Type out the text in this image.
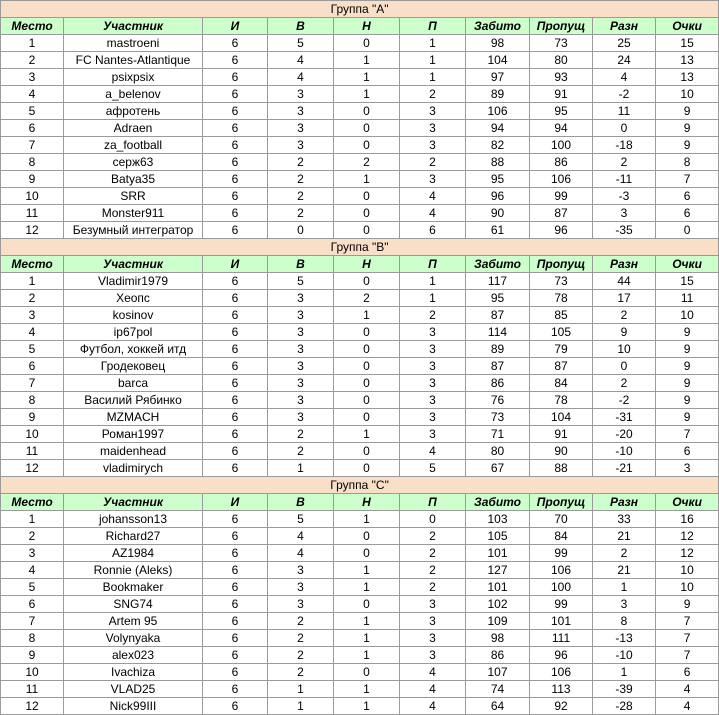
Группа "А"									
Место	Участник	И	В	Н	П	Забито	Пропущ	Разн	Очки
1	mastroeni	6	5	0	1	98	73	25	15
2	FC Nantes-Atlantique	6	4	1	1	104	80	24	13
3	psixpsix	6	4	1	1	97	93	4	13
4	a_belenov	6	3	1	2	89	91	-2	10
5	афротень	6	3	0	3	106	95	11	9
6	Adraen	6	3	0	3	94	94	0	9
7	za_football	6	3	0	3	82	100	-18	9
8	серж63	6	2	2	2	88	86	2	8
9	Batya35	6	2	1	3	95	106	-11	7
10	SRR	6	2	0	4	96	99	-3	6
11	Monster911	6	2	0	4	90	87	3	6
12	Безумный интегратор	6	0	0	6	61	96	-35	0
Группа "В"									
Место	Участник	И	В	Н	П	Забито	Пропущ	Разн	Очки
1	Vladimir1979	6	5	0	1	117	73	44	15
2	Хеопс	6	3	2	1	95	78	17	11
3	kosinov	6	3	1	2	87	85	2	10
4	ip67pol	6	3	0	3	114	105	9	9
5	Футбол, хоккей итд	6	3	0	3	89	79	10	9
6	Гродековец	6	3	0	3	87	87	0	9
7	barca	6	3	0	3	86	84	2	9
8	Василий Рябинко	6	3	0	3	76	78	-2	9
9	MZMACH	6	3	0	3	73	104	-31	9
10	Роман1997	6	2	1	3	71	91	-20	7
11	maidenhead	6	2	0	4	80	90	-10	6
12	vladimirych	6	1	0	5	67	88	-21	3
Группа "С"									
Место	Участник	И	В	Н	П	Забито	Пропущ	Разн	Очки
1	johansson13	6	5	1	0	103	70	33	16
2	Richard27	6	4	0	2	105	84	21	12
3	AZ1984	6	4	0	2	101	99	2	12
4	Ronnie (Aleks)	6	3	1	2	127	106	21	10
5	Bookmaker	6	3	1	2	101	100	1	10
6	SNG74	6	3	0	3	102	99	3	9
7	Artem 95	6	2	1	3	109	101	8	7
8	Volynyaka	6	2	1	3	98	111	-13	7
9	alex023	6	2	1	3	86	96	-10	7
10	Ivachiza	6	2	0	4	107	106	1	6
11	VLAD25	6	1	1	4	74	113	-39	4
12	Nick99III	6	1	1	4	64	92	-28	4
